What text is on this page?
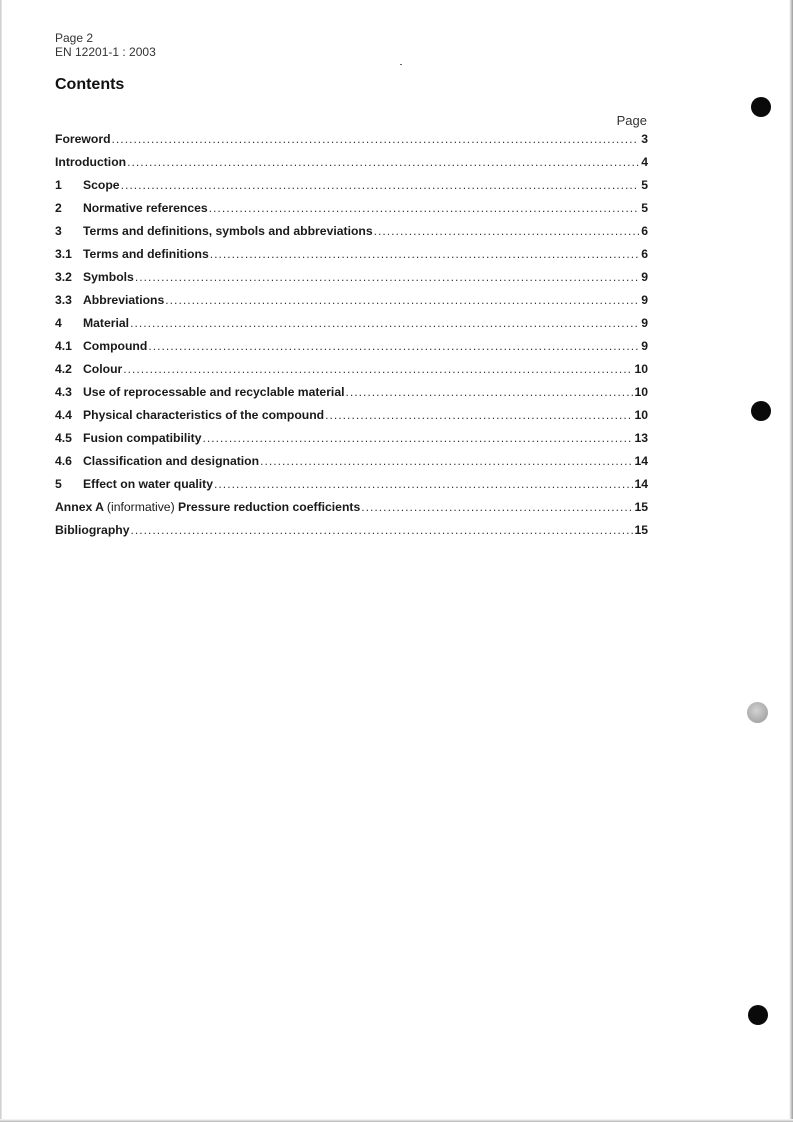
Page 2
EN 12201-1 : 2003
Contents
Page
Foreword .....	3
Introduction .....	4
1	Scope .....	5
2	Normative references .....	5
3	Terms and definitions, symbols and abbreviations .....	6
3.1 Terms and definitions .....	6
3.2 Symbols .....	9
3.3 Abbreviations .....	9
4	Material .....	9
4.1 Compound .....	9
4.2 Colour .....	10
4.3 Use of reprocessable and recyclable material .....	10
4.4 Physical characteristics of the compound .....	10
4.5 Fusion compatibility .....	13
4.6 Classification and designation .....	14
5	Effect on water quality .....	14
Annex A (informative) Pressure reduction coefficients .....	15
Bibliography .....	15
